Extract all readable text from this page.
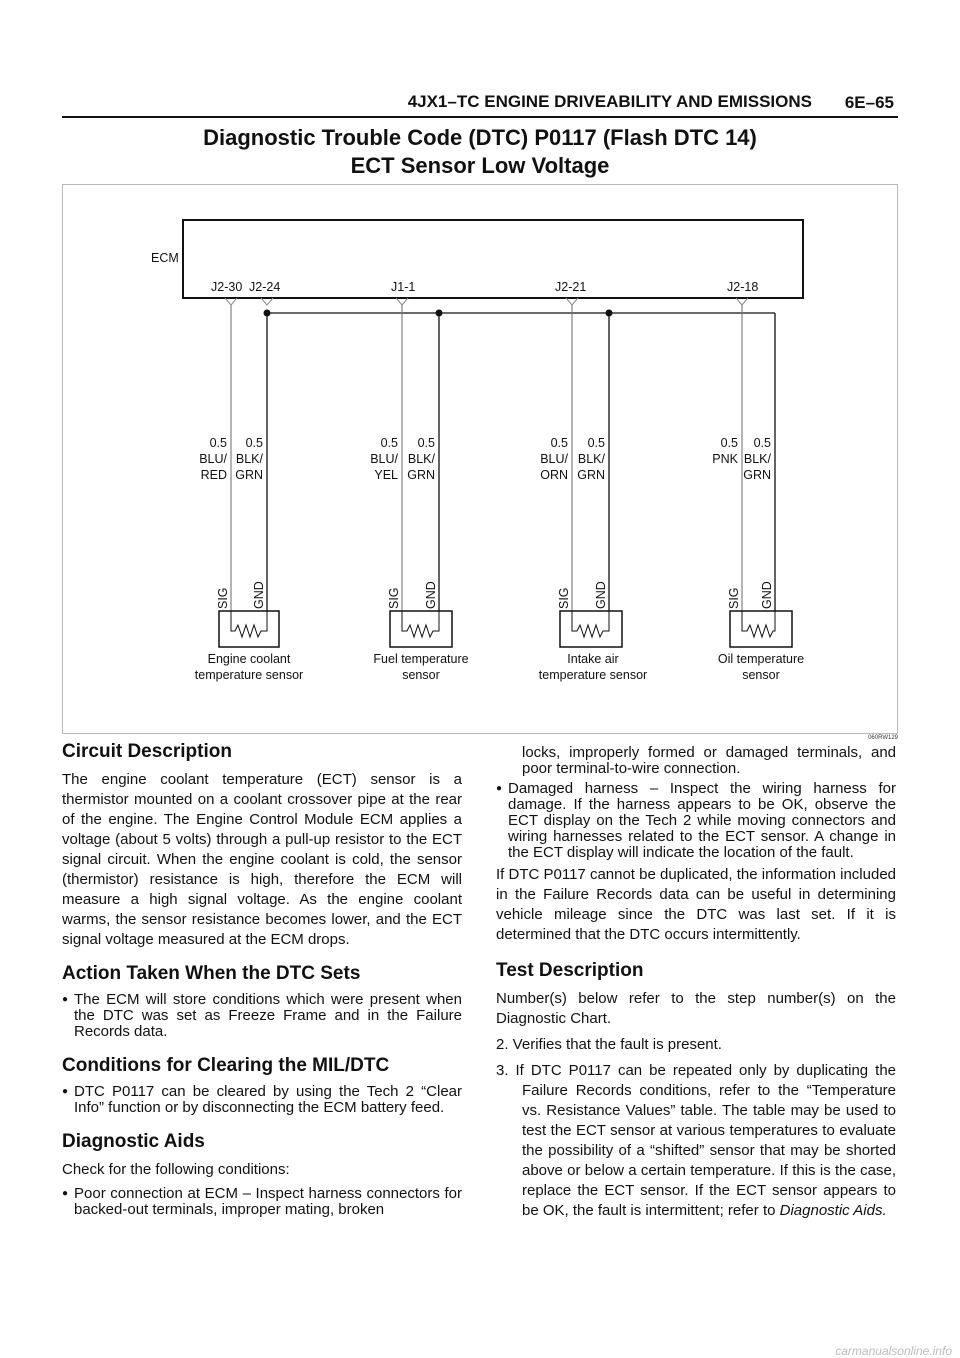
4JX1–TC ENGINE DRIVEABILITY AND EMISSIONS 6E–65
Diagnostic Trouble Code (DTC) P0117 (Flash DTC 14)
ECT Sensor Low Voltage
ECM
J2-30 J2-24	J1-1	J2-21	J2-18
0.5
BLU/
RED
0.5
BLK/
GRN
0.5
BLU/
YEL
0.5
BLK/
GRN
0.5
BLU/
ORN
0.5
BLK/
GRN
0.5
PNK
0.5
BLK/
GRN
SIG GND	SIG GND	SIG GND	SIG GND
Engine coolant
temperature sensor
Fuel temperature
sensor
Intake air
temperature sensor
Oil temperature
sensor
060RW129
Circuit Description

The engine coolant temperature (ECT) sensor is a thermistor mounted on a coolant crossover pipe at the rear of the engine. The Engine Control Module ECM applies a voltage (about 5 volts) through a pull-up resistor to the ECT signal circuit. When the engine coolant is cold, the sensor (thermistor) resistance is high, therefore the ECM will measure a high signal voltage. As the engine coolant warms, the sensor resistance becomes lower, and the ECT signal voltage measured at the ECM drops.

Action Taken When the DTC Sets
● The ECM will store conditions which were present when the DTC was set as Freeze Frame and in the Failure Records data.
Conditions for Clearing the MIL/DTC
● DTC P0117 can be cleared by using the Tech 2 “Clear Info” function or by disconnecting the ECM battery feed.
Diagnostic Aids

Check for the following conditions:

● Poor connection at ECM – Inspect harness connectors for backed-out terminals, improper mating, broken

locks, improperly formed or damaged terminals, and poor terminal-to-wire connection.

● Damaged harness – Inspect the wiring harness for damage. If the harness appears to be OK, observe the ECT display on the Tech 2 while moving connectors and wiring harnesses related to the ECT sensor. A change in the ECT display will indicate the location of the fault.

If DTC P0117 cannot be duplicated, the information included in the Failure Records data can be useful in determining vehicle mileage since the DTC was last set. If it is determined that the DTC occurs intermittently.

Test Description

Number(s) below refer to the step number(s) on the Diagnostic Chart.

2. Verifies that the fault is present.

3. If DTC P0117 can be repeated only by duplicating the Failure Records conditions, refer to the “Temperature vs. Resistance Values” table. The table may be used to test the ECT sensor at various temperatures to evaluate the possibility of a “shifted” sensor that may be shorted above or below a certain temperature. If this is the case, replace the ECT sensor. If the ECT sensor appears to be OK, the fault is intermittent; refer to Diagnostic Aids.

carmanualsonline.info
